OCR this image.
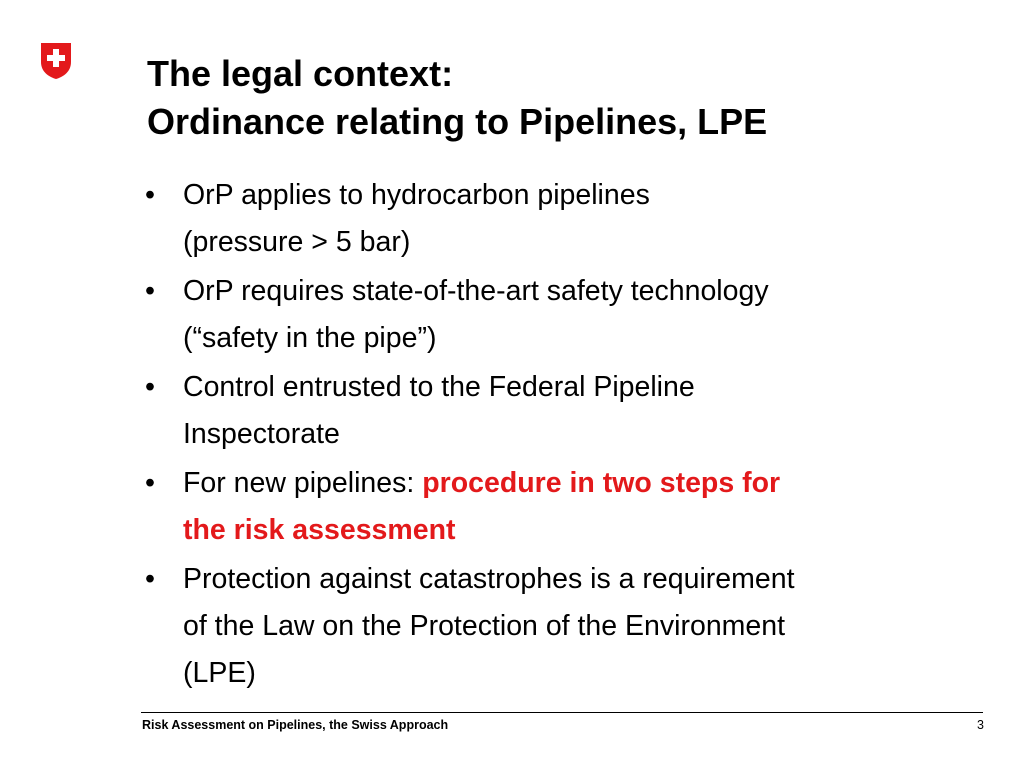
The legal context:
Ordinance relating to Pipelines, LPE
• OrP applies to hydrocarbon pipelines
(pressure > 5 bar)
• OrP requires state-of-the-art safety technology
(“safety in the pipe”)
• Control entrusted to the Federal Pipeline
Inspectorate
• For new pipelines: procedure in two steps for
the risk assessment
• Protection against catastrophes is a requirement
of the Law on the Protection of the Environment
(LPE)
Risk Assessment on Pipelines, the Swiss Approach	3
